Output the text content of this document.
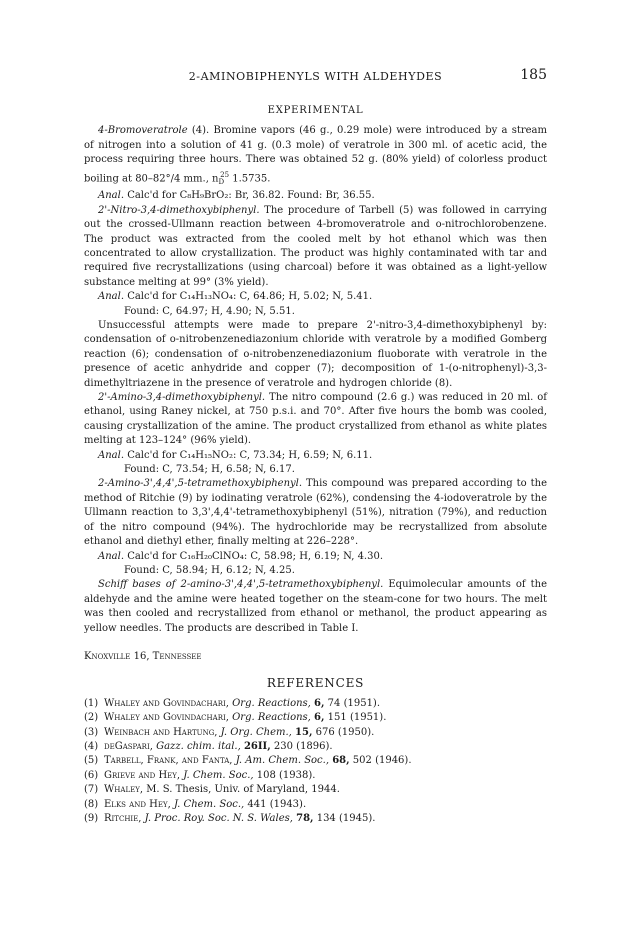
2-AMINOBIPHENYLS WITH ALDEHYDES	185
EXPERIMENTAL

4-Bromoveratrole (4). Bromine vapors (46 g., 0.29 mole) were introduced by a stream of nitrogen into a solution of 41 g. (0.3 mole) of veratrole in 300 ml. of acetic acid, the process requiring three hours. There was obtained 52 g. (80% yield) of colorless product boiling at 80–82°/4 mm., $n_D^{25}$ 1.5735.

Anal. Calc'd for C₈H₉BrO₂: Br, 36.82. Found: Br, 36.55.

2'-Nitro-3,4-dimethoxybiphenyl. The procedure of Tarbell (5) was followed in carrying out the crossed-Ullmann reaction between 4-bromoveratrole and o-nitrochlorobenzene. The product was extracted from the cooled melt by hot ethanol which was then concentrated to allow crystallization. The product was highly contaminated with tar and required five recrystallizations (using charcoal) before it was obtained as a light-yellow substance melting at 99° (3% yield).

Anal. Calc'd for C₁₄H₁₃NO₄: C, 64.86; H, 5.02; N, 5.41.

Found: C, 64.97; H, 4.90; N, 5.51.

Unsuccessful attempts were made to prepare 2'-nitro-3,4-dimethoxybiphenyl by: condensation of o-nitrobenzenediazonium chloride with veratrole by a modified Gomberg reaction (6); condensation of o-nitrobenzenediazonium fluoborate with veratrole in the presence of acetic anhydride and copper (7); decomposition of 1-(o-nitrophenyl)-3,3-dimethyltriazene in the presence of veratrole and hydrogen chloride (8).

2'-Amino-3,4-dimethoxybiphenyl. The nitro compound (2.6 g.) was reduced in 20 ml. of ethanol, using Raney nickel, at 750 p.s.i. and 70°. After five hours the bomb was cooled, causing crystallization of the amine. The product crystallized from ethanol as white plates melting at 123–124° (96% yield).

Anal. Calc'd for C₁₄H₁₅NO₂: C, 73.34; H, 6.59; N, 6.11.

Found: C, 73.54; H, 6.58; N, 6.17.

2-Amino-3',4,4',5-tetramethoxybiphenyl. This compound was prepared according to the method of Ritchie (9) by iodinating veratrole (62%), condensing the 4-iodoveratrole by the Ullmann reaction to 3,3',4,4'-tetramethoxybiphenyl (51%), nitration (79%), and reduction of the nitro compound (94%). The hydrochloride may be recrystallized from absolute ethanol and diethyl ether, finally melting at 226–228°.

Anal. Calc'd for C₁₆H₂₀ClNO₄: C, 58.98; H, 6.19; N, 4.30.

Found: C, 58.94; H, 6.12; N, 4.25.

Schiff bases of 2-amino-3',4,4',5-tetramethoxybiphenyl. Equimolecular amounts of the aldehyde and the amine were heated together on the steam-cone for two hours. The melt was then cooled and recrystallized from ethanol or methanol, the product appearing as yellow needles. The products are described in Table I.

Knoxville 16, Tennessee
REFERENCES
(1) Whaley and Govindachari, Org. Reactions, 6, 74 (1951).
(2) Whaley and Govindachari, Org. Reactions, 6, 151 (1951).
(3) Weinbach and Hartung, J. Org. Chem., 15, 676 (1950).
(4) deGaspari, Gazz. chim. ital., 26II, 230 (1896).
(5) Tarbell, Frank, and Fanta, J. Am. Chem. Soc., 68, 502 (1946).
(6) Grieve and Hey, J. Chem. Soc., 108 (1938).
(7) Whaley, M. S. Thesis, Univ. of Maryland, 1944.
(8) Elks and Hey, J. Chem. Soc., 441 (1943).
(9) Ritchie, J. Proc. Roy. Soc. N. S. Wales, 78, 134 (1945).
